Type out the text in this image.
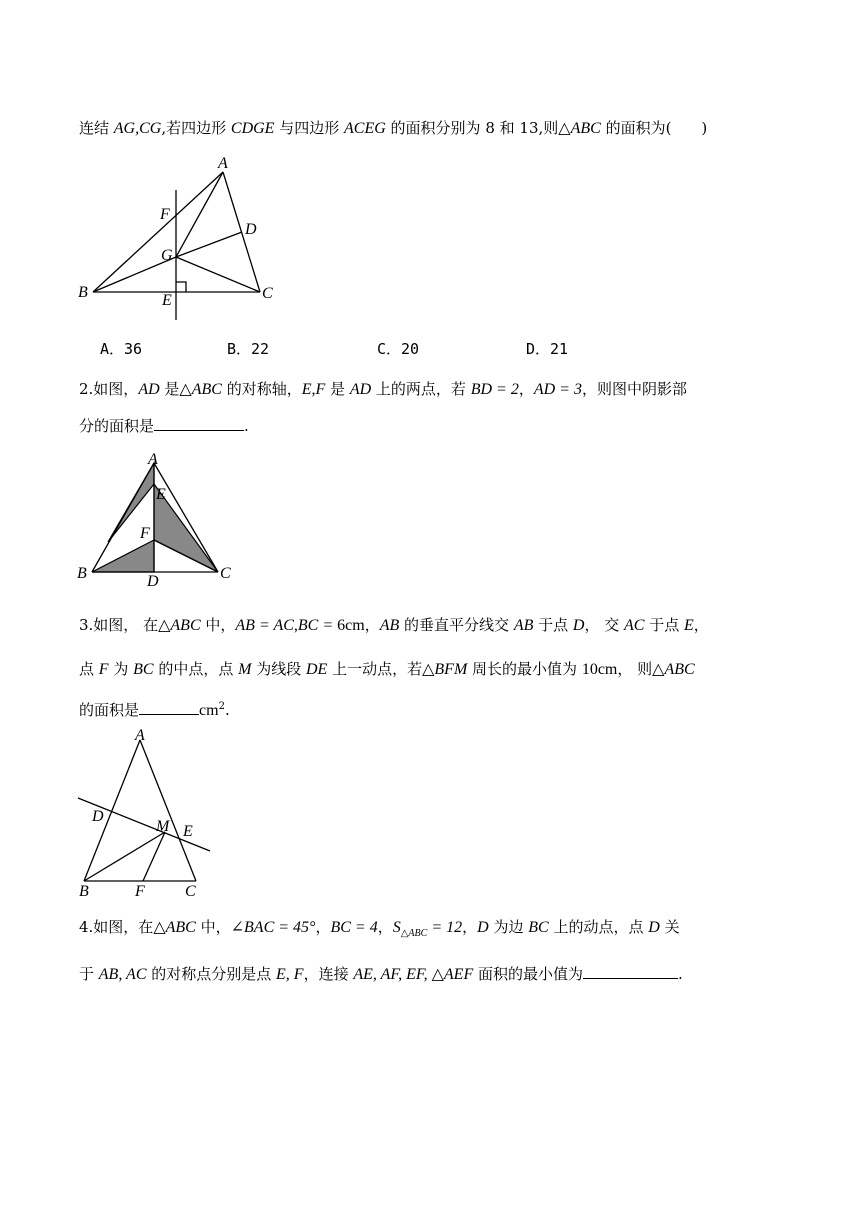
连结 AG,CG,若四边形 CDGE 与四边形 ACEG 的面积分别为 8 和 13,则△ABC 的面积为(　　)
A
F
D
G
B	E	C
A．36	B．22	C．20	D．21
2.如图，AD 是△ABC 的对称轴，E,F 是 AD 上的两点，若 BD = 2，AD = 3，则图中阴影部
分的面积是	.
A
E
F
B	D	C
3.如图， 在△ABC 中，AB = AC,BC = 6cm，AB 的垂直平分线交 AB 于点 D， 交 AC 于点 E，
点 F 为 BC 的中点，点 M 为线段 DE 上一动点，若△BFM 周长的最小值为 10cm， 则△ABC
的面积是	$cm^2$.
A
D
M E
B	F	C
4.如图，在△ABC 中，∠BAC = 45°，BC = 4，$S_{\triangle ABC} = 12$，D 为边 BC 上的动点，点 D 关
于 AB, AC 的对称点分别是点 E, F，连接 AE, AF, EF, △AEF 面积的最小值为	.
